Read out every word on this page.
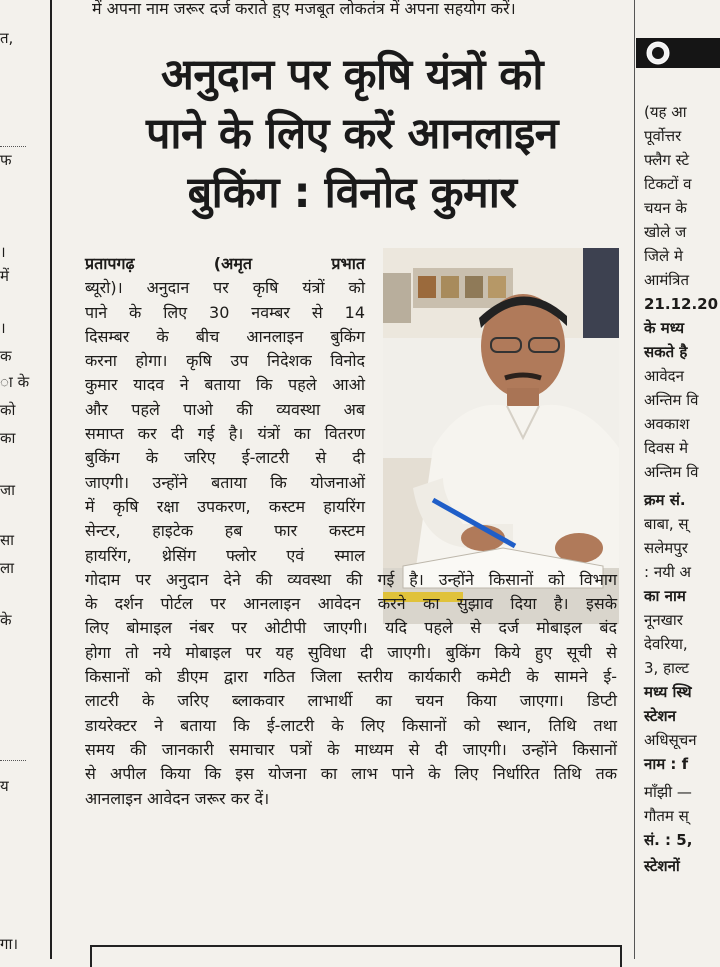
त,
फ
।
में
।
क
ा के
को
का
जा
सा
ला
के
य
गा।
में अपना नाम जरूर दर्ज कराते हुए मजबूत लोकतंत्र में अपना सहयोग करें।
अनुदान पर कृषि यंत्रों को
पाने के लिए करें आनलाइन
बुकिंग : विनोद कुमार
प्रतापगढ़ (अमृत प्रभात
ब्यूरो)। अनुदान पर कृषि यंत्रों को
पाने के लिए 30 नवम्बर से 14
दिसम्बर के बीच आनलाइन बुकिंग
करना होगा। कृषि उप निदेशक विनोद
कुमार यादव ने बताया कि पहले आओ
और पहले पाओ की व्यवस्था अब
समाप्त कर दी गई है। यंत्रों का वितरण
बुकिंग के जरिए ई-लाटरी से दी
जाएगी। उन्होंने बताया कि योजनाओं
में कृषि रक्षा उपकरण, कस्टम हायरिंग
सेन्टर, हाइटेक हब फार कस्टम
हायरिंग, थ्रेसिंग फ्लोर एवं स्माल
गोदाम पर अनुदान देने की व्यवस्था की गई है। उन्होंने किसानों को विभाग
के दर्शन पोर्टल पर आनलाइन आवेदन करने का सुझाव दिया है। इसके
लिए बोमाइल नंबर पर ओटीपी जाएगी। यदि पहले से दर्ज मोबाइल बंद
होगा तो नये मोबाइल पर यह सुविधा दी जाएगी। बुकिंग किये हुए सूची से
किसानों को डीएम द्वारा गठित जिला स्तरीय कार्यकारी कमेटी के सामने ई-
लाटरी के जरिए ब्लाकवार लाभार्थी का चयन किया जाएगा। डिप्टी
डायरेक्टर ने बताया कि ई-लाटरी के लिए किसानों को स्थान, तिथि तथा
समय की जानकारी समाचार पत्रों के माध्यम से दी जाएगी। उन्होंने किसानों
से अपील किया कि इस योजना का लाभ पाने के लिए निर्धारित तिथि तक
आनलाइन आवेदन जरूर कर दें।
(यह आ
पूर्वोत्तर
फ्लैग स्टे
टिकटों व
चयन के
खोले ज
जिले मे
आमंत्रित
21.12.20
के मध्य
सकते है
आवेदन
अन्तिम वि
अवकाश
दिवस मे
अन्तिम वि
क्रम सं.
बाबा, स्
सलेमपुर
: नयी अ
का नाम
नूनखार
देवरिया,
3, हाल्ट
मध्य स्थि
स्टेशन
अधिसूचन
नाम : f
माँझी —
गौतम स्
सं. : 5,
स्टेशनों
